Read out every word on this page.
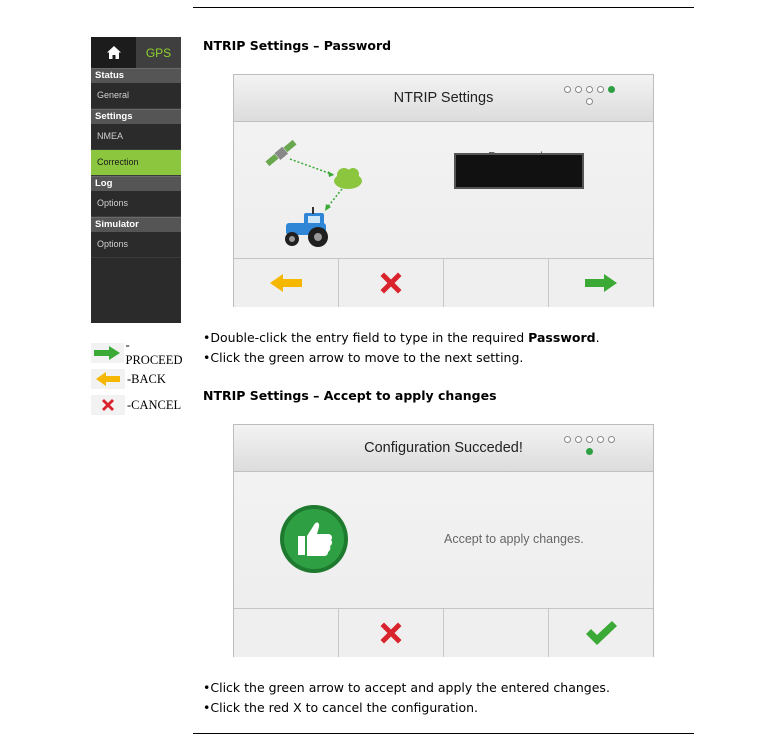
GPS
Status
General
Settings
NMEA
Correction
Log
Options
Simulator
Options
-PROCEED
-BACK
-CANCEL
NTRIP Settings – Password
NTRIP Settings
• Double-click the entry field to type in the required Password.
• Click the green arrow to move to the next setting.
NTRIP Settings – Accept to apply changes
Configuration Succeded!
Accept to apply changes.
• Click the green arrow to accept and apply the entered changes.
• Click the red X to cancel the configuration.
